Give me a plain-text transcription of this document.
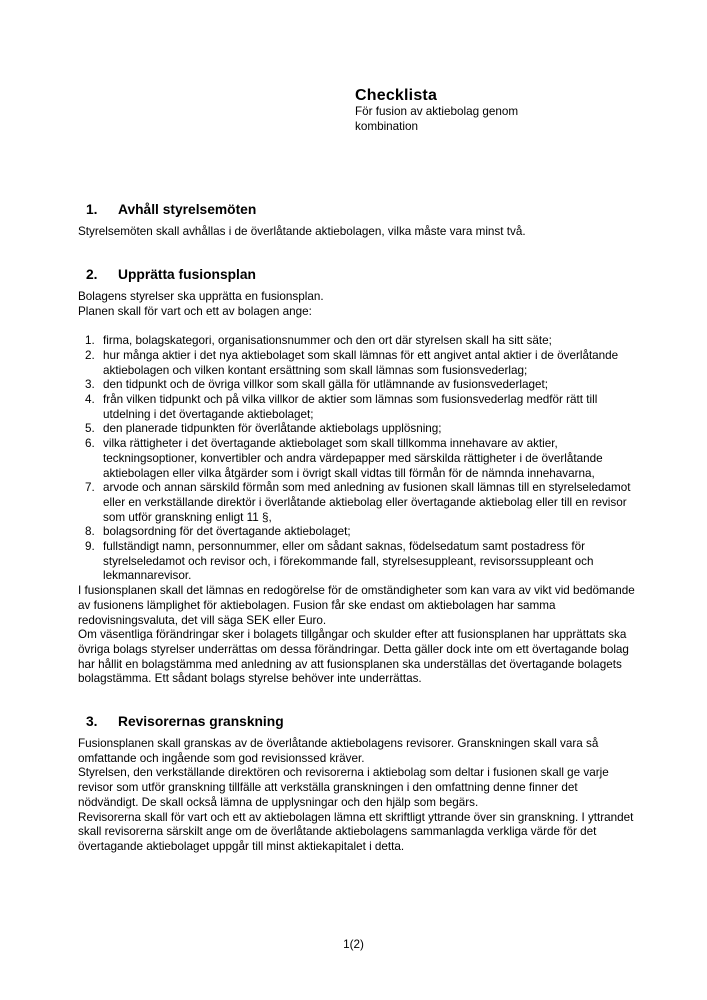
Checklista
För fusion av aktiebolag genom
kombination
1.	Avhåll styrelsemöten

Styrelsemöten skall avhållas i de överlåtande aktiebolagen, vilka måste vara minst två.

2.	Upprätta fusionsplan

Bolagens styrelser ska upprätta en fusionsplan.

Planen skall för vart och ett av bolagen ange:

1. firma, bolagskategori, organisationsnummer och den ort där styrelsen skall ha sitt säte;
2. hur många aktier i det nya aktiebolaget som skall lämnas för ett angivet antal aktier i de överlåtande aktiebolagen och vilken kontant ersättning som skall lämnas som fusionsvederlag;
3. den tidpunkt och de övriga villkor som skall gälla för utlämnande av fusionsvederlaget;
4. från vilken tidpunkt och på vilka villkor de aktier som lämnas som fusionsvederlag medför rätt till utdelning i det övertagande aktiebolaget;
5. den planerade tidpunkten för överlåtande aktiebolags upplösning;
6. vilka rättigheter i det övertagande aktiebolaget som skall tillkomma innehavare av aktier, teckningsoptioner, konvertibler och andra värdepapper med särskilda rättigheter i de överlåtande aktiebolagen eller vilka åtgärder som i övrigt skall vidtas till förmån för de nämnda innehavarna,
7. arvode och annan särskild förmån som med anledning av fusionen skall lämnas till en styrelseledamot eller en verkställande direktör i överlåtande aktiebolag eller övertagande aktiebolag eller till en revisor som utför granskning enligt 11 §,
8. bolagsordning för det övertagande aktiebolaget;
9. fullständigt namn, personnummer, eller om sådant saknas, födelsedatum samt postadress för styrelseledamot och revisor och, i förekommande fall, styrelsesuppleant, revisorssuppleant och lekmannarevisor.

I fusionsplanen skall det lämnas en redogörelse för de omständigheter som kan vara av vikt vid bedömande av fusionens lämplighet för aktiebolagen. Fusion får ske endast om aktiebolagen har samma redovisningsvaluta, det vill säga SEK eller Euro.

Om väsentliga förändringar sker i bolagets tillgångar och skulder efter att fusionsplanen har upprättats ska övriga bolags styrelser underrättas om dessa förändringar. Detta gäller dock inte om ett övertagande bolag har hållit en bolagstämma med anledning av att fusionsplanen ska underställas det övertagande bolagets bolagstämma. Ett sådant bolags styrelse behöver inte underrättas.

3.	Revisorernas granskning

Fusionsplanen skall granskas av de överlåtande aktiebolagens revisorer. Granskningen skall vara så omfattande och ingående som god revisionssed kräver.

Styrelsen, den verkställande direktören och revisorerna i aktiebolag som deltar i fusionen skall ge varje revisor som utför granskning tillfälle att verkställa granskningen i den omfattning denne finner det nödvändigt. De skall också lämna de upplysningar och den hjälp som begärs.

Revisorerna skall för vart och ett av aktiebolagen lämna ett skriftligt yttrande över sin granskning. I yttrandet skall revisorerna särskilt ange om de överlåtande aktiebolagens sammanlagda verkliga värde för det övertagande aktiebolaget uppgår till minst aktiekapitalet i detta.

1(2)
